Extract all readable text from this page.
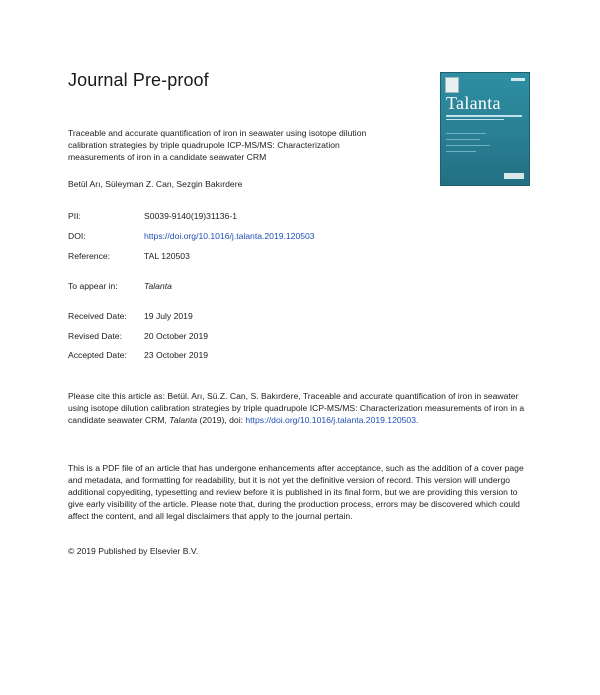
Journal Pre-proof
Talanta
Traceable and accurate quantification of iron in seawater using isotope dilution calibration strategies by triple quadrupole ICP-MS/MS: Characterization measurements of iron in a candidate seawater CRM
Betül Arı, Süleyman Z. Can, Sezgin Bakırdere
PII:	S0039-9140(19)31136-1
DOI:	https://doi.org/10.1016/j.talanta.2019.120503
Reference:	TAL 120503
To appear in:	Talanta
Received Date:	19 July 2019
Revised Date:	20 October 2019
Accepted Date:	23 October 2019
Please cite this article as: Betül. Arı, Sü.Z. Can, S. Bakırdere, Traceable and accurate quantification of iron in seawater using isotope dilution calibration strategies by triple quadrupole ICP-MS/MS: Characterization measurements of iron in a candidate seawater CRM, Talanta (2019), doi: https://doi.org/10.1016/j.talanta.2019.120503.
This is a PDF file of an article that has undergone enhancements after acceptance, such as the addition of a cover page and metadata, and formatting for readability, but it is not yet the definitive version of record. This version will undergo additional copyediting, typesetting and review before it is published in its final form, but we are providing this version to give early visibility of the article. Please note that, during the production process, errors may be discovered which could affect the content, and all legal disclaimers that apply to the journal pertain.
© 2019 Published by Elsevier B.V.
